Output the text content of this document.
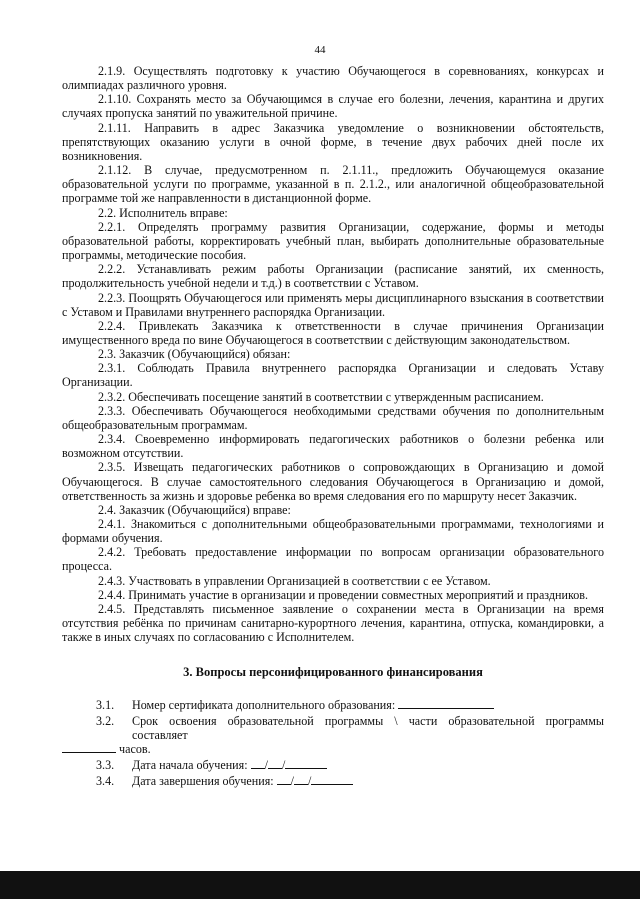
44

2.1.9. Осуществлять подготовку к участию Обучающегося в соревнованиях, конкурсах и олимпиадах различного уровня.

2.1.10. Сохранять место за Обучающимся в случае его болезни, лечения, карантина и других случаях пропуска занятий по уважительной причине.

2.1.11. Направить в адрес Заказчика уведомление о возникновении обстоятельств, препятствующих оказанию услуги в очной форме, в течение двух рабочих дней после их возникновения.

2.1.12. В случае, предусмотренном п. 2.1.11., предложить Обучающемуся оказание образовательной услуги по программе, указанной в п. 2.1.2., или аналогичной общеобразовательной программе той же направленности в дистанционной форме.

2.2. Исполнитель вправе:

2.2.1. Определять программу развития Организации, содержание, формы и методы образовательной работы, корректировать учебный план, выбирать дополнительные образовательные программы, методические пособия.

2.2.2. Устанавливать режим работы Организации (расписание занятий, их сменность, продолжительность учебной недели и т.д.) в соответствии с Уставом.

2.2.3. Поощрять Обучающегося или применять меры дисциплинарного взыскания в соответствии с Уставом и Правилами внутреннего распорядка Организации.

2.2.4. Привлекать Заказчика к ответственности в случае причинения Организации имущественного вреда по вине Обучающегося в соответствии с действующим законодательством.

2.3. Заказчик (Обучающийся) обязан:

2.3.1. Соблюдать Правила внутреннего распорядка Организации и следовать Уставу Организации.

2.3.2. Обеспечивать посещение занятий в соответствии с утвержденным расписанием.

2.3.3. Обеспечивать Обучающегося необходимыми средствами обучения по дополнительным общеобразовательным программам.

2.3.4. Своевременно информировать педагогических работников о болезни ребенка или возможном отсутствии.

2.3.5. Извещать педагогических работников о сопровождающих в Организацию и домой Обучающегося. В случае самостоятельного следования Обучающегося в Организацию и домой, ответственность за жизнь и здоровье ребенка во время следования его по маршруту несет Заказчик.

2.4. Заказчик (Обучающийся) вправе:

2.4.1. Знакомиться с дополнительными общеобразовательными программами, технологиями и формами обучения.

2.4.2. Требовать предоставление информации по вопросам организации образовательного процесса.

2.4.3. Участвовать в управлении Организацией в соответствии с ее Уставом.

2.4.4. Принимать участие в организации и проведении совместных мероприятий и праздников.

2.4.5. Представлять письменное заявление о сохранении места в Организации на время отсутствия ребёнка по причинам санитарно-курортного лечения, карантина, отпуска, командировки, а также в иных случаях по согласованию с Исполнителем.

3. Вопросы персонифицированного финансирования
3.1.	Номер сертификата дополнительного образования:
3.2.	Срок освоения образовательной программы \ части образовательной программы составляет

часов.

3.3.	Дата начала обучения: / /
3.4.	Дата завершения обучения: / /
